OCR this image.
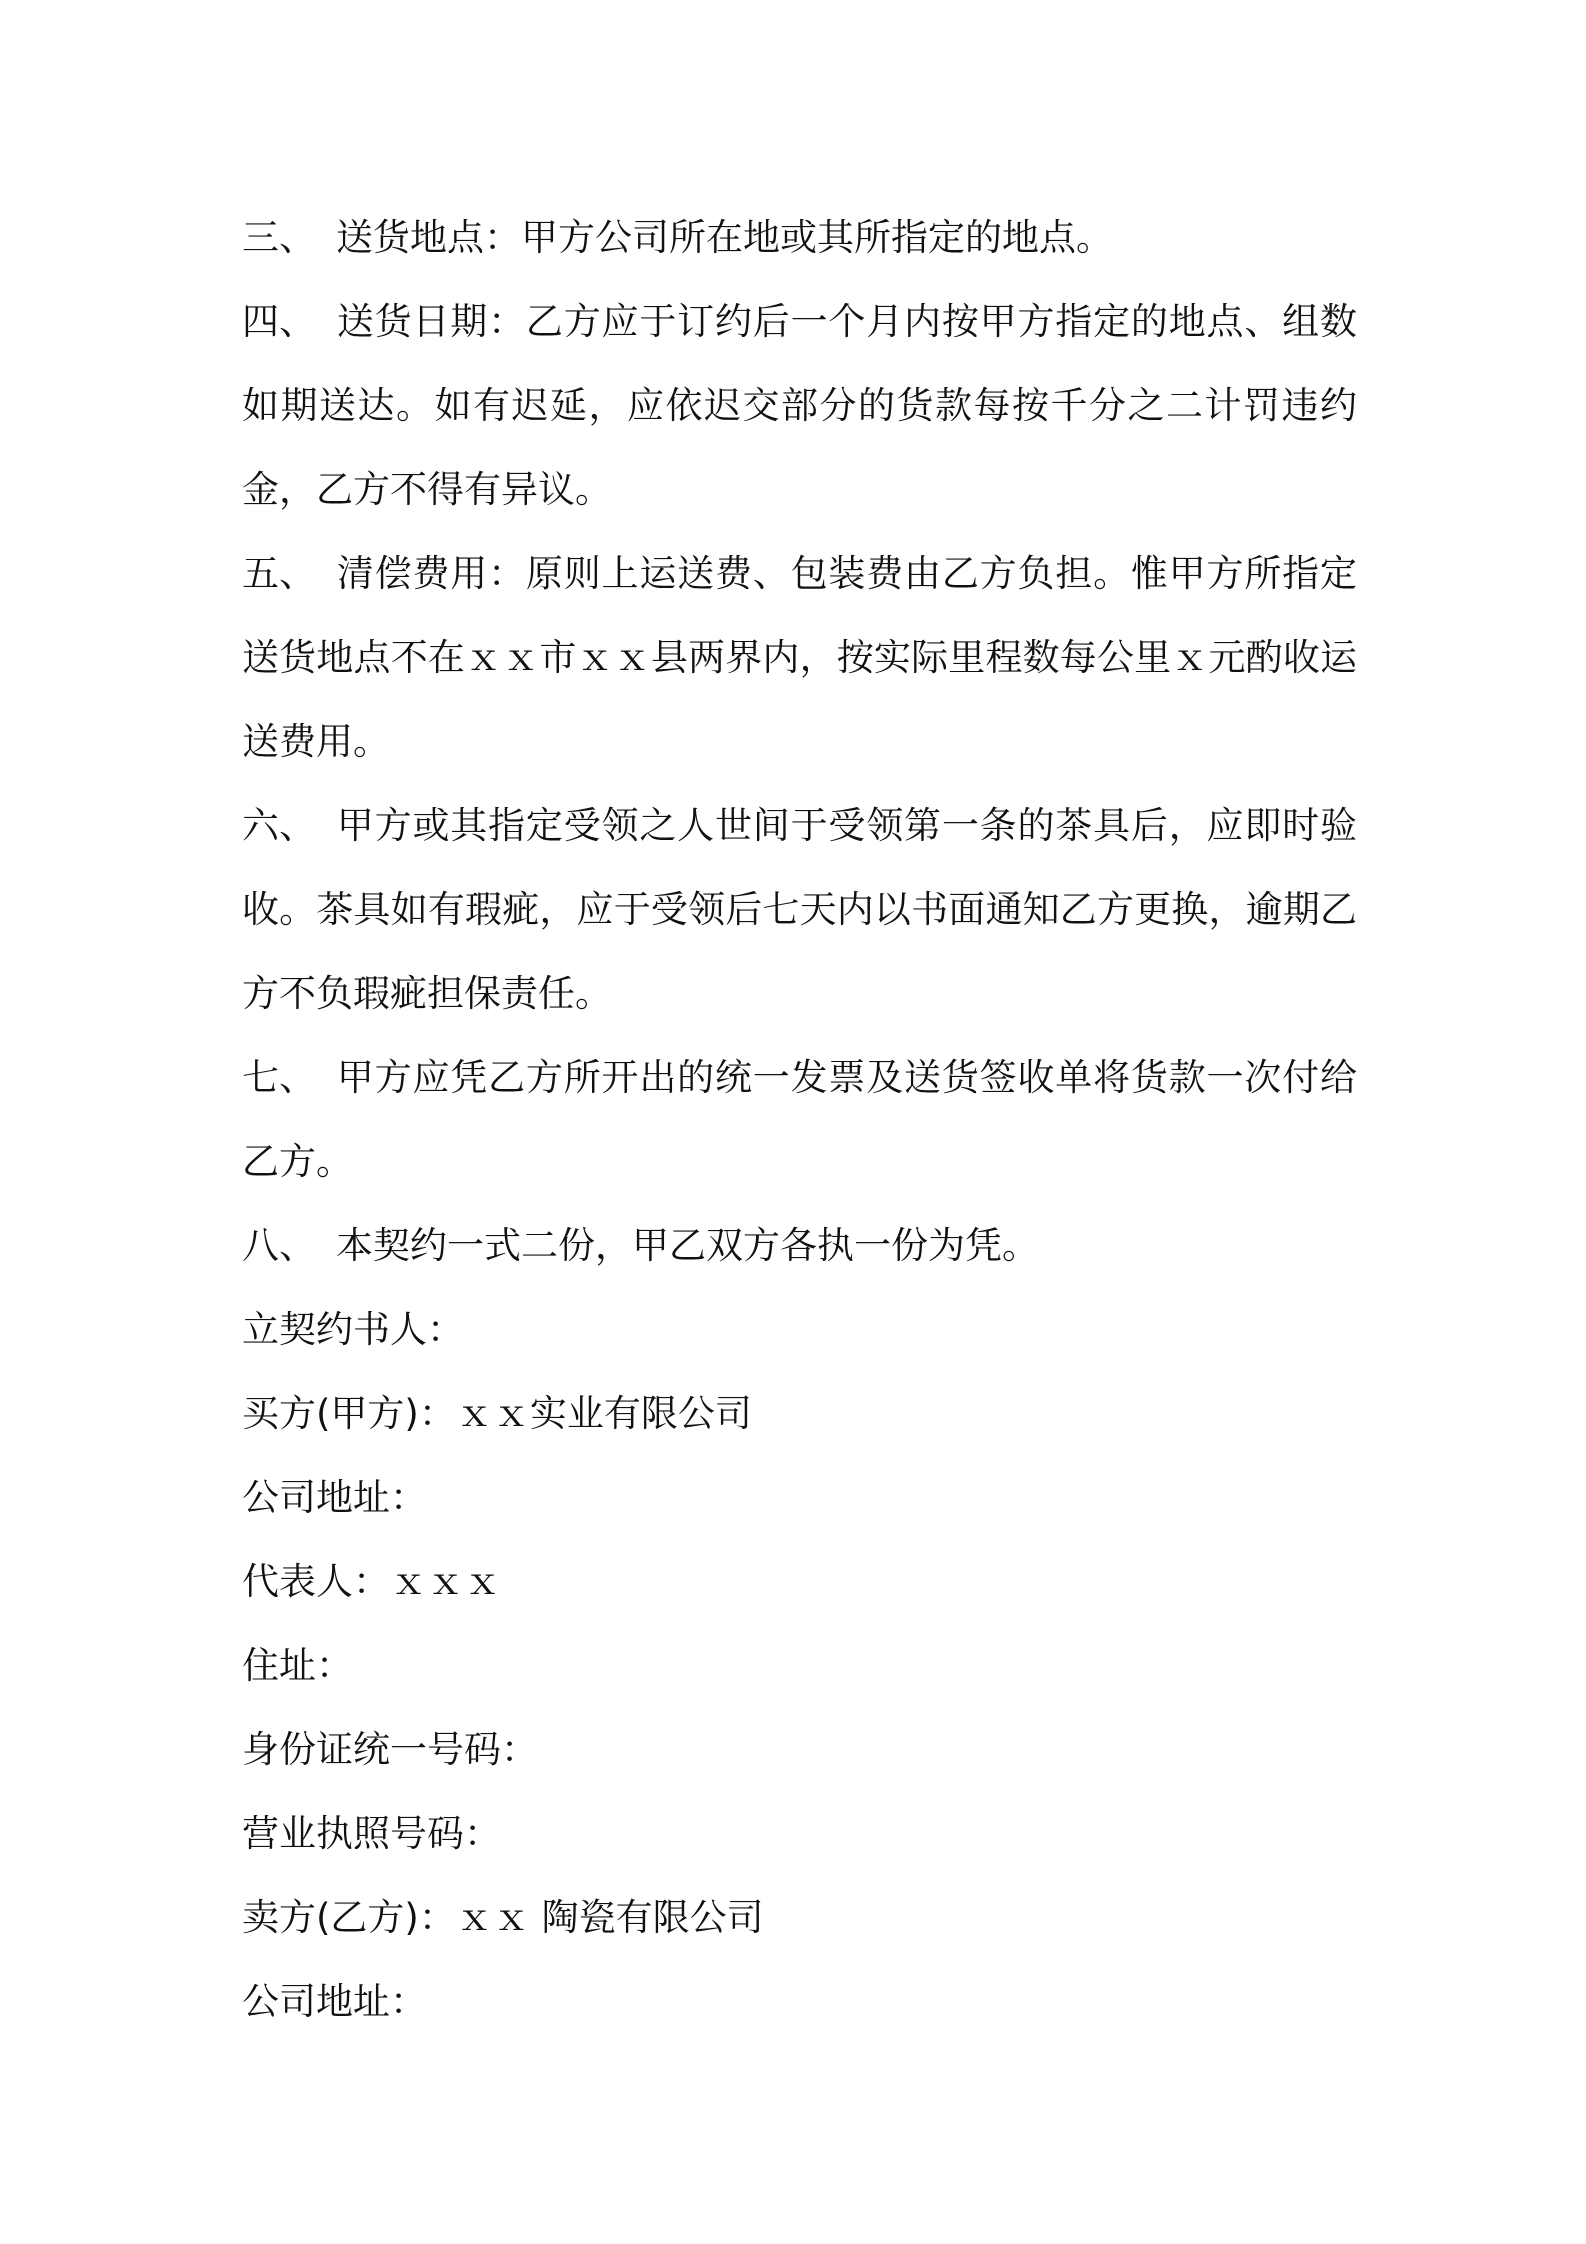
三、 送货地点：甲方公司所在地或其所指定的地点。

四、 送货日期：乙方应于订约后一个月内按甲方指定的地点、组数如期送达。如有迟延，应依迟交部分的货款每按千分之二计罚违约金，乙方不得有异议。

五、 清偿费用：原则上运送费、包装费由乙方负担。惟甲方所指定送货地点不在ｘｘ市ｘｘ县两界内，按实际里程数每公里ｘ元酌收运送费用。

六、 甲方或其指定受领之人世间于受领第一条的茶具后，应即时验收。茶具如有瑕疵，应于受领后七天内以书面通知乙方更换，逾期乙方不负瑕疵担保责任。

七、 甲方应凭乙方所开出的统一发票及送货签收单将货款一次付给乙方。

八、 本契约一式二份，甲乙双方各执一份为凭。

立契约书人：

买方(甲方)：ｘｘ实业有限公司

公司地址：

代表人：ｘｘｘ

住址：

身份证统一号码：

营业执照号码：

卖方(乙方)：ｘｘ 陶瓷有限公司

公司地址：
